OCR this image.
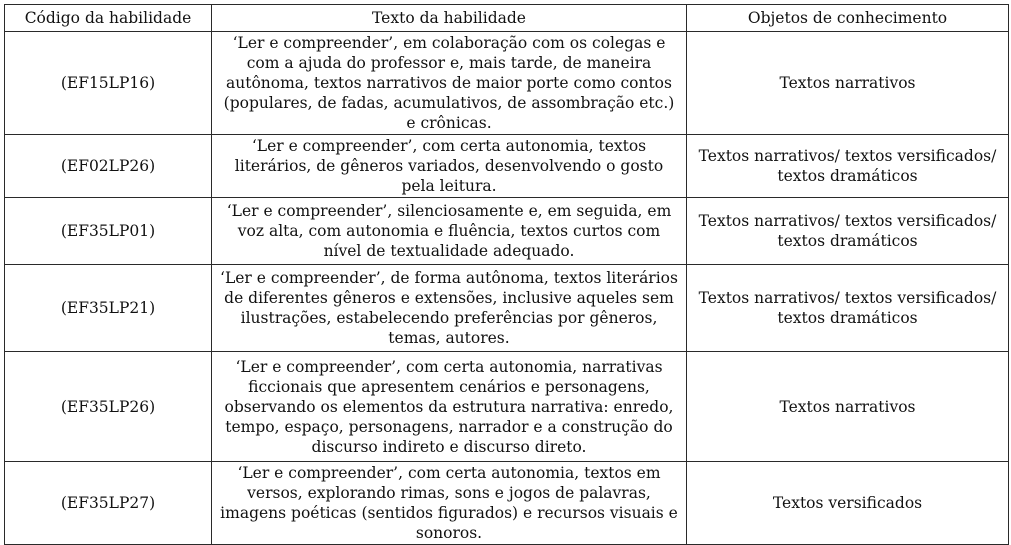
Código da habilidade	Texto da habilidade	Objetos de conhecimento
(EF15LP16)	‘Ler e compreender’, em colaboração com os colegas e com a ajuda do professor e, mais tarde, de maneira autônoma, textos narrativos de maior porte como contos (populares, de fadas, acumulativos, de assombração etc.) e crônicas.	Textos narrativos
(EF02LP26)	‘Ler e compreender’, com certa autonomia, textos literários, de gêneros variados, desenvolvendo o gosto pela leitura.	Textos narrativos/ textos versificados/ textos dramáticos
(EF35LP01)	‘Ler e compreender’, silenciosamente e, em seguida, em voz alta, com autonomia e fluência, textos curtos com nível de textualidade adequado.	Textos narrativos/ textos versificados/ textos dramáticos
(EF35LP21)	‘Ler e compreender’, de forma autônoma, textos literários de diferentes gêneros e extensões, inclusive aqueles sem ilustrações, estabelecendo preferências por gêneros, temas, autores.	Textos narrativos/ textos versificados/ textos dramáticos
(EF35LP26)	‘Ler e compreender’, com certa autonomia, narrativas ficcionais que apresentem cenários e personagens, observando os elementos da estrutura narrativa: enredo, tempo, espaço, personagens, narrador e a construção do discurso indireto e discurso direto.	Textos narrativos
(EF35LP27)	‘Ler e compreender’, com certa autonomia, textos em versos, explorando rimas, sons e jogos de palavras, imagens poéticas (sentidos figurados) e recursos visuais e sonoros.	Textos versificados
